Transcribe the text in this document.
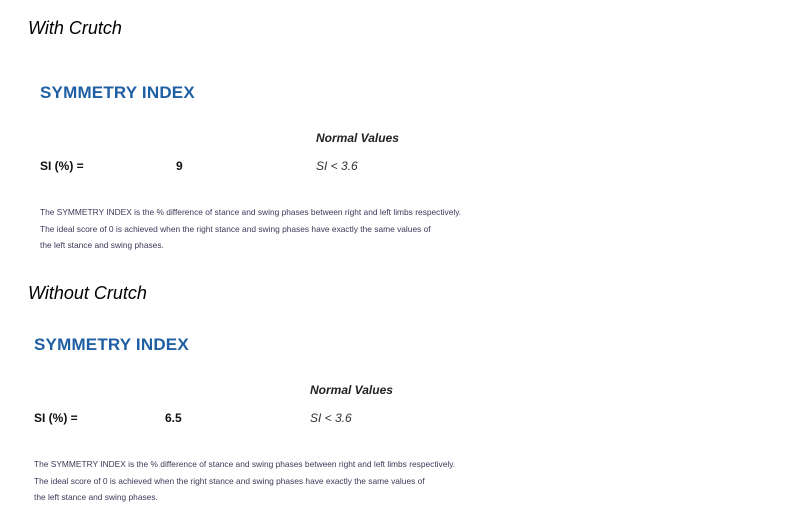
With Crutch
SYMMETRY INDEX
Normal Values
SI (%) =	9	SI < 3.6
The SYMMETRY INDEX is the % difference of stance and swing phases between right and left limbs respectively.
The ideal score of 0 is achieved when the right stance and swing phases have exactly the same values of
the left stance and swing phases.
Without Crutch
SYMMETRY INDEX
Normal Values
SI (%) =	6.5	SI < 3.6
The SYMMETRY INDEX is the % difference of stance and swing phases between right and left limbs respectively.
The ideal score of 0 is achieved when the right stance and swing phases have exactly the same values of
the left stance and swing phases.
